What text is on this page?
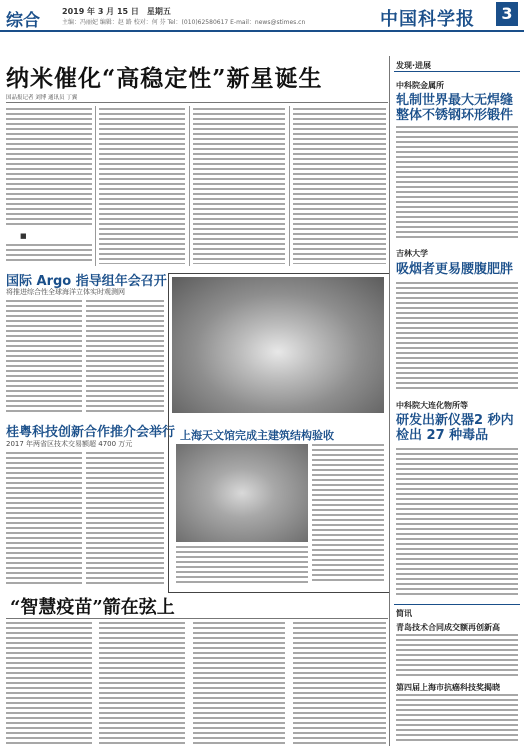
综合	2019 年 3 月 15 日　星期五
主编：冯丽妃 编辑：赵 路 校对：何 芬 Tel：(010)62580617 E-mail：news@stimes.cn	中国科学报	3
纳米催化“高稳定性”新星诞生
国品报记者 刘博 通讯员 丁翼
■
国际 Argo 指导组年会召开
将推进综合性全球海洋立体实时观测网
桂粤科技创新合作推介会举行
2017 年两省区技术交易额超 4700 万元
上海天文馆完成主建筑结构验收
“智慧疫苗”箭在弦上
发现·进展
中科院金属所
轧制世界最大无焊缝整体不锈钢环形锻件
吉林大学
吸烟者更易腰腹肥胖
中科院大连化物所等
研发出新仪器2 秒内检出 27 种毒品
简讯
青岛技术合同成交额再创新高
第四届上海市抗癌科技奖揭晓
